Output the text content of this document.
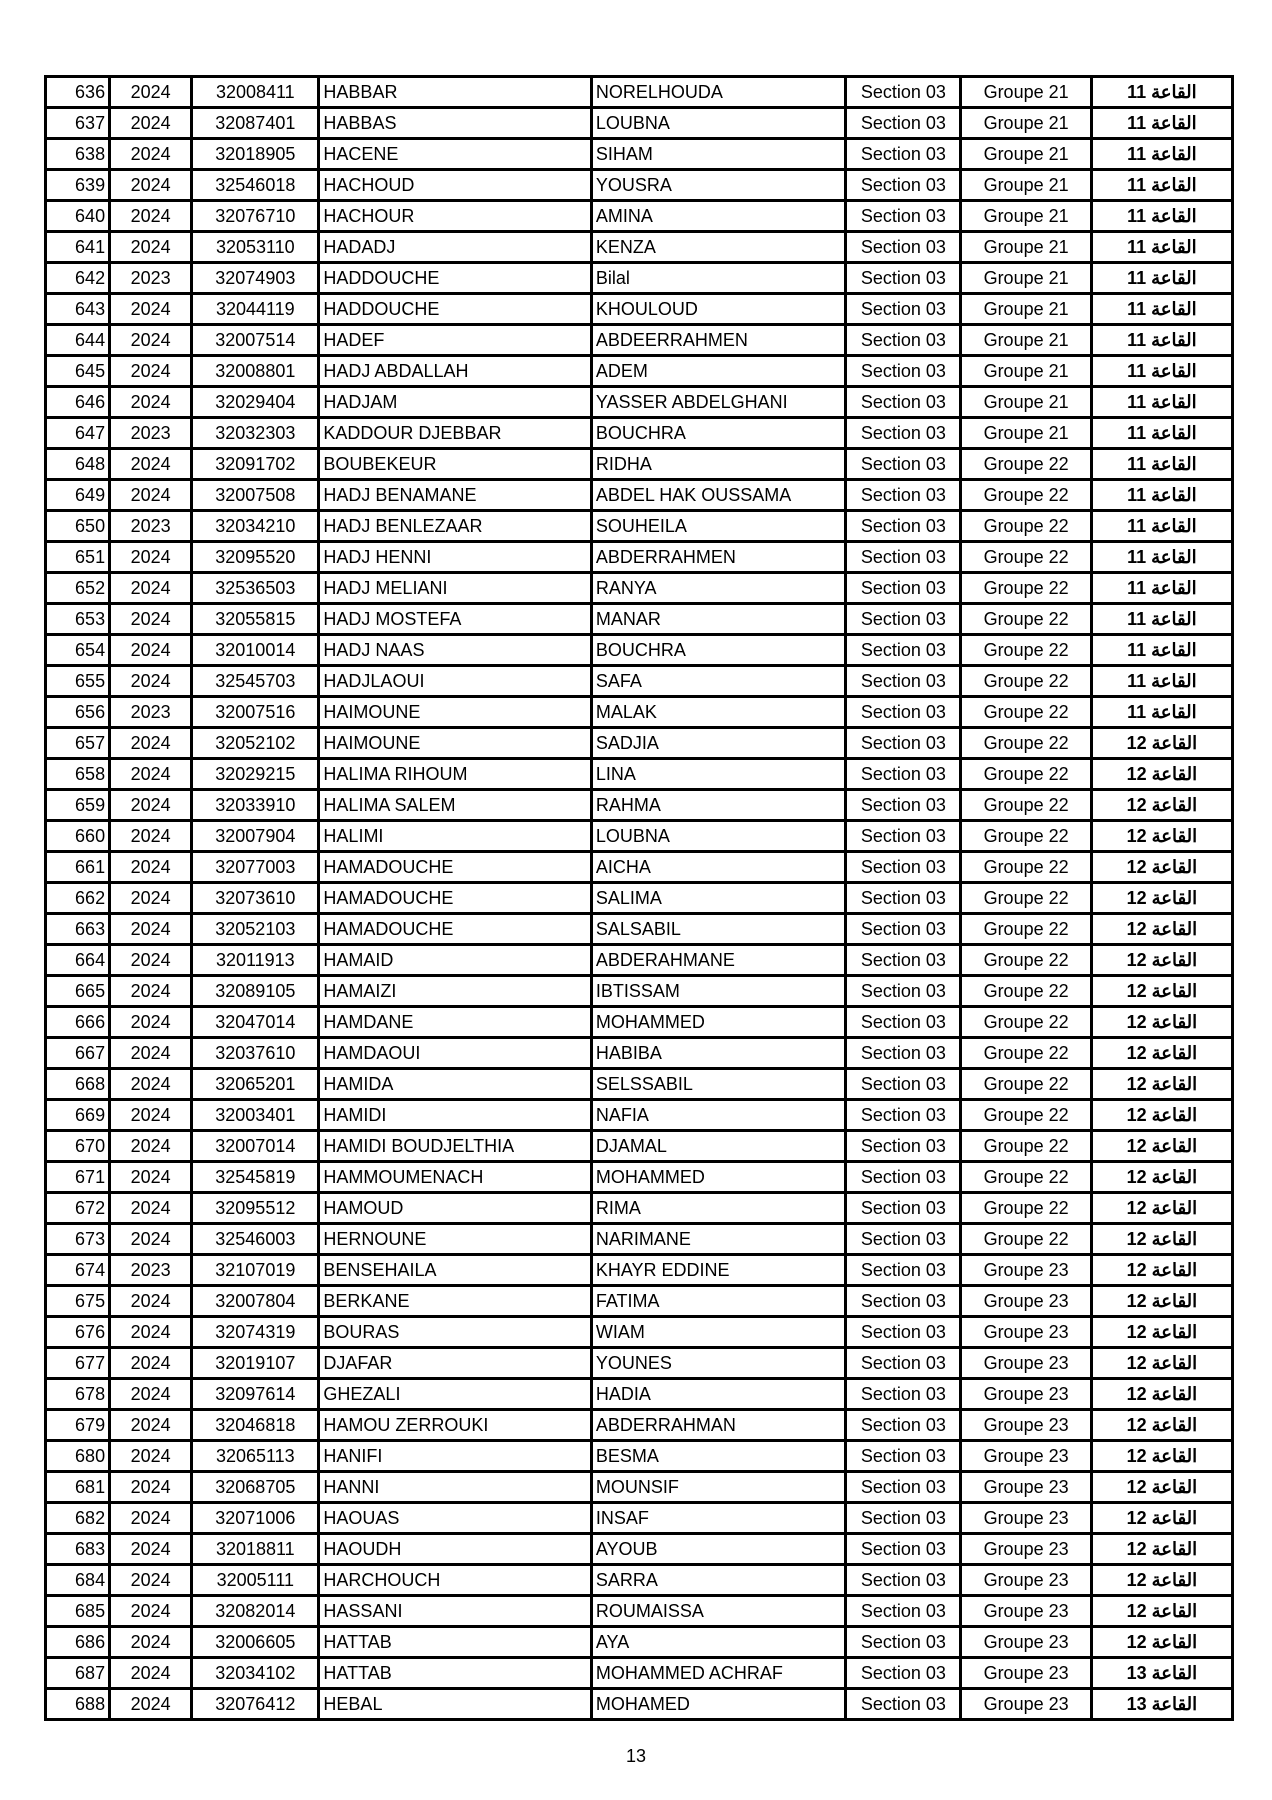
636	2024	32008411	HABBAR	NORELHOUDA	Section 03	Groupe 21	القاعة 11
637	2024	32087401	HABBAS	LOUBNA	Section 03	Groupe 21	القاعة 11
638	2024	32018905	HACENE	SIHAM	Section 03	Groupe 21	القاعة 11
639	2024	32546018	HACHOUD	YOUSRA	Section 03	Groupe 21	القاعة 11
640	2024	32076710	HACHOUR	AMINA	Section 03	Groupe 21	القاعة 11
641	2024	32053110	HADADJ	KENZA	Section 03	Groupe 21	القاعة 11
642	2023	32074903	HADDOUCHE	Bilal	Section 03	Groupe 21	القاعة 11
643	2024	32044119	HADDOUCHE	KHOULOUD	Section 03	Groupe 21	القاعة 11
644	2024	32007514	HADEF	ABDEERRAHMEN	Section 03	Groupe 21	القاعة 11
645	2024	32008801	HADJ ABDALLAH	ADEM	Section 03	Groupe 21	القاعة 11
646	2024	32029404	HADJAM	YASSER ABDELGHANI	Section 03	Groupe 21	القاعة 11
647	2023	32032303	KADDOUR DJEBBAR	BOUCHRA	Section 03	Groupe 21	القاعة 11
648	2024	32091702	BOUBEKEUR	RIDHA	Section 03	Groupe 22	القاعة 11
649	2024	32007508	HADJ BENAMANE	ABDEL HAK OUSSAMA	Section 03	Groupe 22	القاعة 11
650	2023	32034210	HADJ BENLEZAAR	SOUHEILA	Section 03	Groupe 22	القاعة 11
651	2024	32095520	HADJ HENNI	ABDERRAHMEN	Section 03	Groupe 22	القاعة 11
652	2024	32536503	HADJ MELIANI	RANYA	Section 03	Groupe 22	القاعة 11
653	2024	32055815	HADJ MOSTEFA	MANAR	Section 03	Groupe 22	القاعة 11
654	2024	32010014	HADJ NAAS	BOUCHRA	Section 03	Groupe 22	القاعة 11
655	2024	32545703	HADJLAOUI	SAFA	Section 03	Groupe 22	القاعة 11
656	2023	32007516	HAIMOUNE	MALAK	Section 03	Groupe 22	القاعة 11
657	2024	32052102	HAIMOUNE	SADJIA	Section 03	Groupe 22	القاعة 12
658	2024	32029215	HALIMA RIHOUM	LINA	Section 03	Groupe 22	القاعة 12
659	2024	32033910	HALIMA SALEM	RAHMA	Section 03	Groupe 22	القاعة 12
660	2024	32007904	HALIMI	LOUBNA	Section 03	Groupe 22	القاعة 12
661	2024	32077003	HAMADOUCHE	AICHA	Section 03	Groupe 22	القاعة 12
662	2024	32073610	HAMADOUCHE	SALIMA	Section 03	Groupe 22	القاعة 12
663	2024	32052103	HAMADOUCHE	SALSABIL	Section 03	Groupe 22	القاعة 12
664	2024	32011913	HAMAID	ABDERAHMANE	Section 03	Groupe 22	القاعة 12
665	2024	32089105	HAMAIZI	IBTISSAM	Section 03	Groupe 22	القاعة 12
666	2024	32047014	HAMDANE	MOHAMMED	Section 03	Groupe 22	القاعة 12
667	2024	32037610	HAMDAOUI	HABIBA	Section 03	Groupe 22	القاعة 12
668	2024	32065201	HAMIDA	SELSSABIL	Section 03	Groupe 22	القاعة 12
669	2024	32003401	HAMIDI	NAFIA	Section 03	Groupe 22	القاعة 12
670	2024	32007014	HAMIDI BOUDJELTHIA	DJAMAL	Section 03	Groupe 22	القاعة 12
671	2024	32545819	HAMMOUMENACH	MOHAMMED	Section 03	Groupe 22	القاعة 12
672	2024	32095512	HAMOUD	RIMA	Section 03	Groupe 22	القاعة 12
673	2024	32546003	HERNOUNE	NARIMANE	Section 03	Groupe 22	القاعة 12
674	2023	32107019	BENSEHAILA	KHAYR EDDINE	Section 03	Groupe 23	القاعة 12
675	2024	32007804	BERKANE	FATIMA	Section 03	Groupe 23	القاعة 12
676	2024	32074319	BOURAS	WIAM	Section 03	Groupe 23	القاعة 12
677	2024	32019107	DJAFAR	YOUNES	Section 03	Groupe 23	القاعة 12
678	2024	32097614	GHEZALI	HADIA	Section 03	Groupe 23	القاعة 12
679	2024	32046818	HAMOU ZERROUKI	ABDERRAHMAN	Section 03	Groupe 23	القاعة 12
680	2024	32065113	HANIFI	BESMA	Section 03	Groupe 23	القاعة 12
681	2024	32068705	HANNI	MOUNSIF	Section 03	Groupe 23	القاعة 12
682	2024	32071006	HAOUAS	INSAF	Section 03	Groupe 23	القاعة 12
683	2024	32018811	HAOUDH	AYOUB	Section 03	Groupe 23	القاعة 12
684	2024	32005111	HARCHOUCH	SARRA	Section 03	Groupe 23	القاعة 12
685	2024	32082014	HASSANI	ROUMAISSA	Section 03	Groupe 23	القاعة 12
686	2024	32006605	HATTAB	AYA	Section 03	Groupe 23	القاعة 12
687	2024	32034102	HATTAB	MOHAMMED ACHRAF	Section 03	Groupe 23	القاعة 13
688	2024	32076412	HEBAL	MOHAMED	Section 03	Groupe 23	القاعة 13
13
